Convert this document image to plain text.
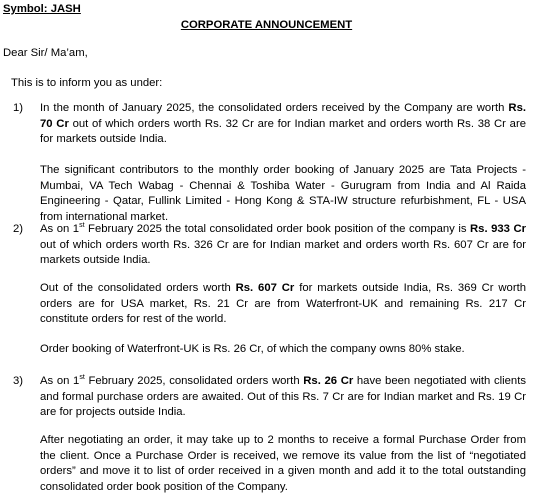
Symbol: JASH
CORPORATE ANNOUNCEMENT
Dear Sir/ Ma’am,
This is to inform you as under:
1) In the month of January 2025, the consolidated orders received by the Company are worth Rs. 70 Cr out of which orders worth Rs. 32 Cr are for Indian market and orders worth Rs. 38 Cr are for markets outside India.
The significant contributors to the monthly order booking of January 2025 are Tata Projects - Mumbai, VA Tech Wabag - Chennai & Toshiba Water - Gurugram from India and Al Raida Engineering - Qatar, Fullink Limited - Hong Kong & STA-IW structure refurbishment, FL - USA from international market.
2) As on 1st February 2025 the total consolidated order book position of the company is Rs. 933 Cr out of which orders worth Rs. 326 Cr are for Indian market and orders worth Rs. 607 Cr are for markets outside India.
Out of the consolidated orders worth Rs. 607 Cr for markets outside India, Rs. 369 Cr worth orders are for USA market, Rs. 21 Cr are from Waterfront-UK and remaining Rs. 217 Cr constitute orders for rest of the world.
Order booking of Waterfront-UK is Rs. 26 Cr, of which the company owns 80% stake.
3) As on 1st February 2025, consolidated orders worth Rs. 26 Cr have been negotiated with clients and formal purchase orders are awaited. Out of this Rs. 7 Cr are for Indian market and Rs. 19 Cr are for projects outside India.
After negotiating an order, it may take up to 2 months to receive a formal Purchase Order from the client. Once a Purchase Order is received, we remove its value from the list of “negotiated orders” and move it to list of order received in a given month and add it to the total outstanding consolidated order book position of the Company.
